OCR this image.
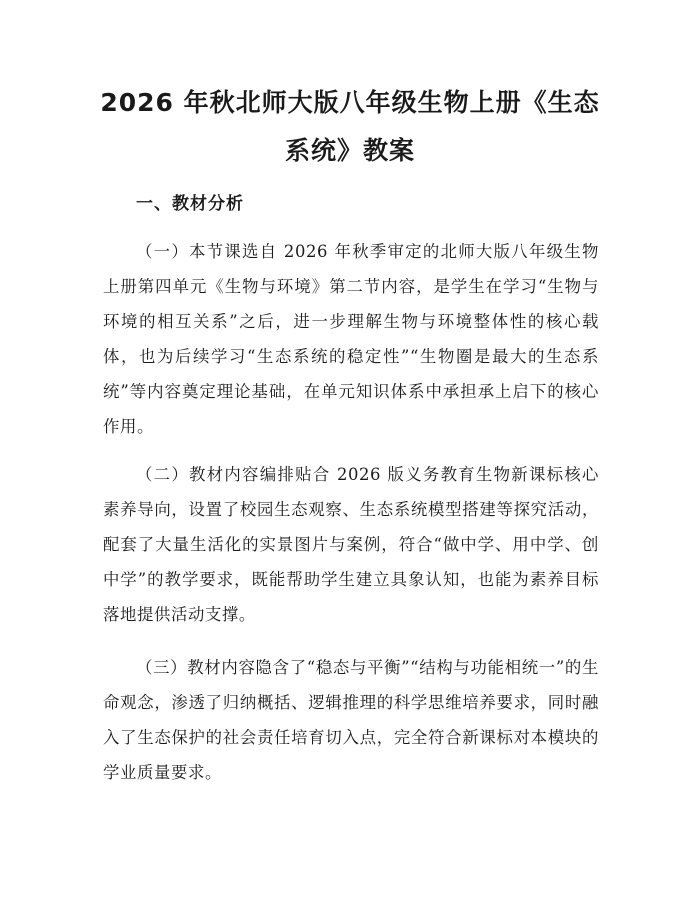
2026 年秋北师大版八年级生物上册《生态系统》教案
一、教材分析

（一）本节课选自 2026 年秋季审定的北师大版八年级生物上册第四单元《生物与环境》第二节内容，是学生在学习“生物与环境的相互关系”之后，进一步理解生物与环境整体性的核心载体，也为后续学习“生态系统的稳定性”“生物圈是最大的生态系统”等内容奠定理论基础，在单元知识体系中承担承上启下的核心作用。

（二）教材内容编排贴合 2026 版义务教育生物新课标核心素养导向，设置了校园生态观察、生态系统模型搭建等探究活动，配套了大量生活化的实景图片与案例，符合“做中学、用中学、创中学”的教学要求，既能帮助学生建立具象认知，也能为素养目标落地提供活动支撑。

（三）教材内容隐含了“稳态与平衡”“结构与功能相统一”的生命观念，渗透了归纳概括、逻辑推理的科学思维培养要求，同时融入了生态保护的社会责任培育切入点，完全符合新课标对本模块的学业质量要求。
